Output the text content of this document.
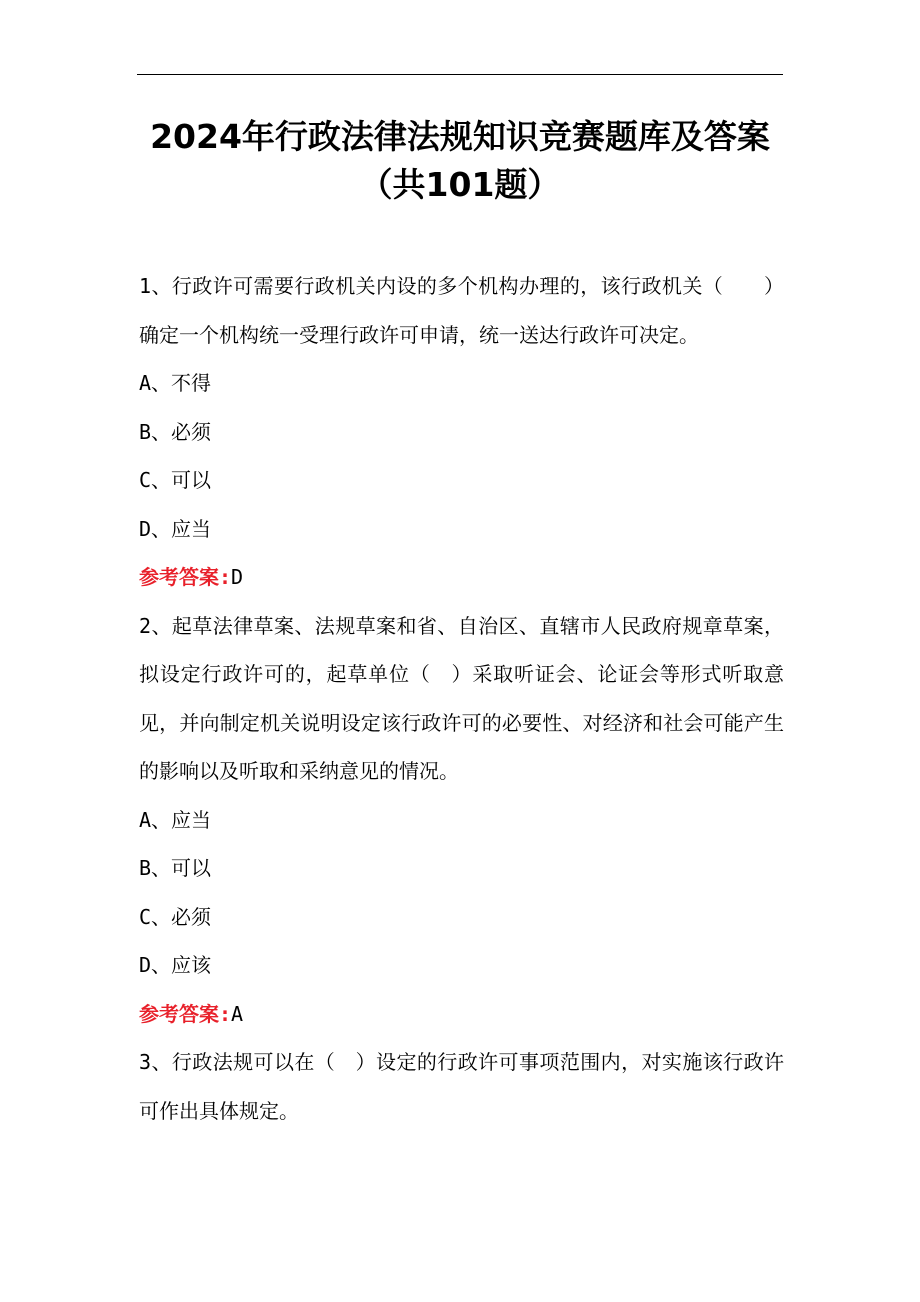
2024年行政法律法规知识竞赛题库及答案
（共101题）

1、行政许可需要行政机关内设的多个机构办理的，该行政机关（　　）确定一个机构统一受理行政许可申请，统一送达行政许可决定。

A、不得

B、必须

C、可以

D、应当

参考答案:D

2、起草法律草案、法规草案和省、自治区、直辖市人民政府规章草案，拟设定行政许可的，起草单位（　）采取听证会、论证会等形式听取意见，并向制定机关说明设定该行政许可的必要性、对经济和社会可能产生的影响以及听取和采纳意见的情况。

A、应当

B、可以

C、必须

D、应该

参考答案:A

3、行政法规可以在（　）设定的行政许可事项范围内，对实施该行政许可作出具体规定。
